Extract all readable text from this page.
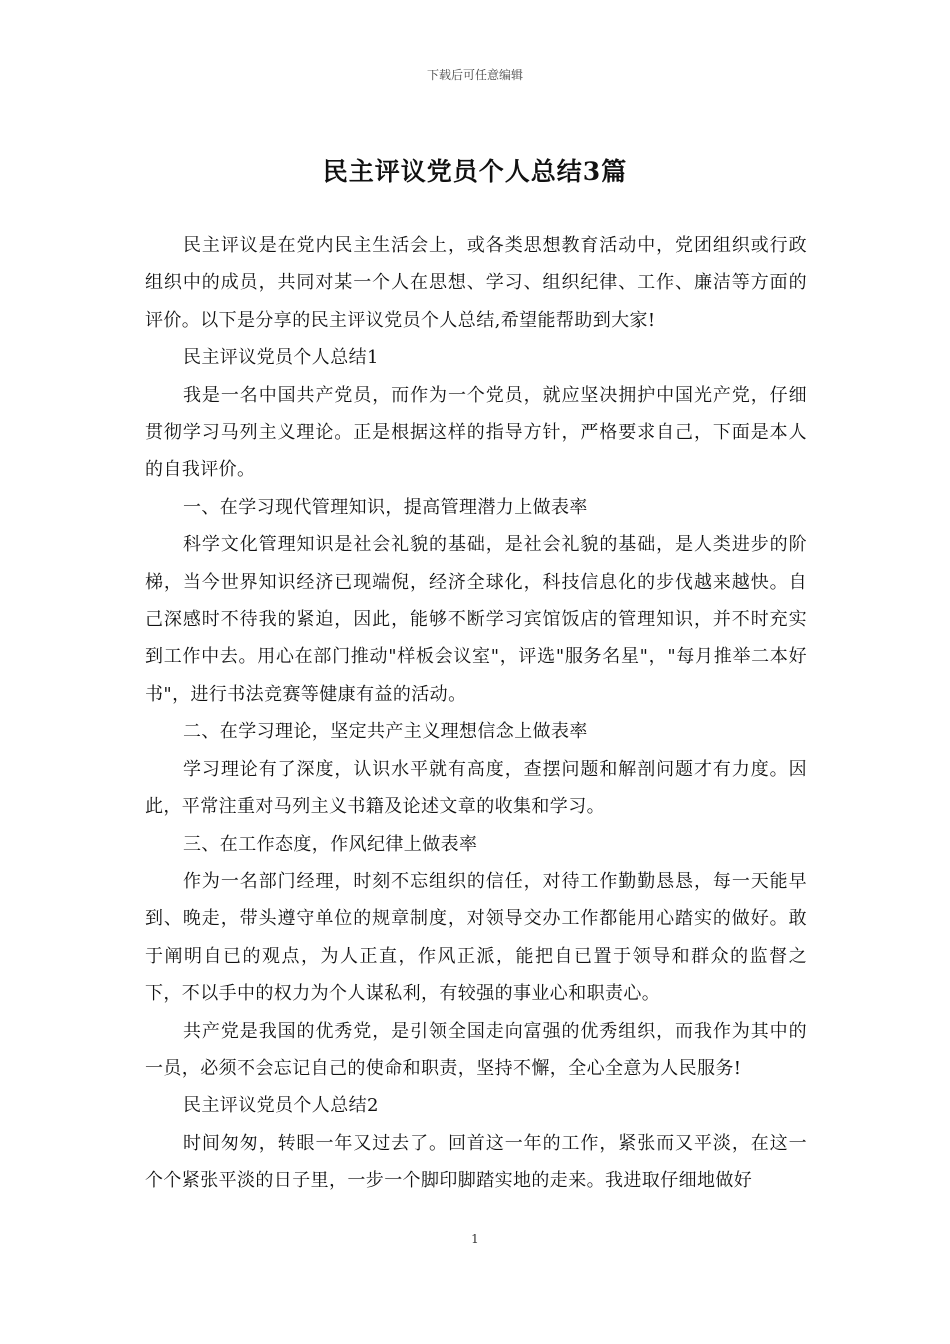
下载后可任意编辑
民主评议党员个人总结3篇

民主评议是在党内民主生活会上，或各类思想教育活动中，党团组织或行政组织中的成员，共同对某一个人在思想、学习、组织纪律、工作、廉洁等方面的评价。以下是分享的民主评议党员个人总结,希望能帮助到大家!

民主评议党员个人总结1

我是一名中国共产党员，而作为一个党员，就应坚决拥护中国光产党，仔细贯彻学习马列主义理论。正是根据这样的指导方针，严格要求自己，下面是本人的自我评价。

一、在学习现代管理知识，提高管理潜力上做表率

科学文化管理知识是社会礼貌的基础，是社会礼貌的基础，是人类进步的阶梯，当今世界知识经济已现端倪，经济全球化，科技信息化的步伐越来越快。自己深感时不待我的紧迫，因此，能够不断学习宾馆饭店的管理知识，并不时充实到工作中去。用心在部门推动"样板会议室"，评选"服务名星"，"每月推举二本好书"，进行书法竞赛等健康有益的活动。

二、在学习理论，坚定共产主义理想信念上做表率

学习理论有了深度，认识水平就有高度，查摆问题和解剖问题才有力度。因此，平常注重对马列主义书籍及论述文章的收集和学习。

三、在工作态度，作风纪律上做表率

作为一名部门经理，时刻不忘组织的信任，对待工作勤勤恳恳，每一天能早到、晚走，带头遵守单位的规章制度，对领导交办工作都能用心踏实的做好。敢于阐明自已的观点，为人正直，作风正派，能把自已置于领导和群众的监督之下，不以手中的权力为个人谋私利，有较强的事业心和职责心。

共产党是我国的优秀党，是引领全国走向富强的优秀组织，而我作为其中的一员，必须不会忘记自己的使命和职责，坚持不懈，全心全意为人民服务!

民主评议党员个人总结2

时间匆匆，转眼一年又过去了。回首这一年的工作，紧张而又平淡，在这一个个紧张平淡的日子里，一步一个脚印脚踏实地的走来。我进取仔细地做好

1
